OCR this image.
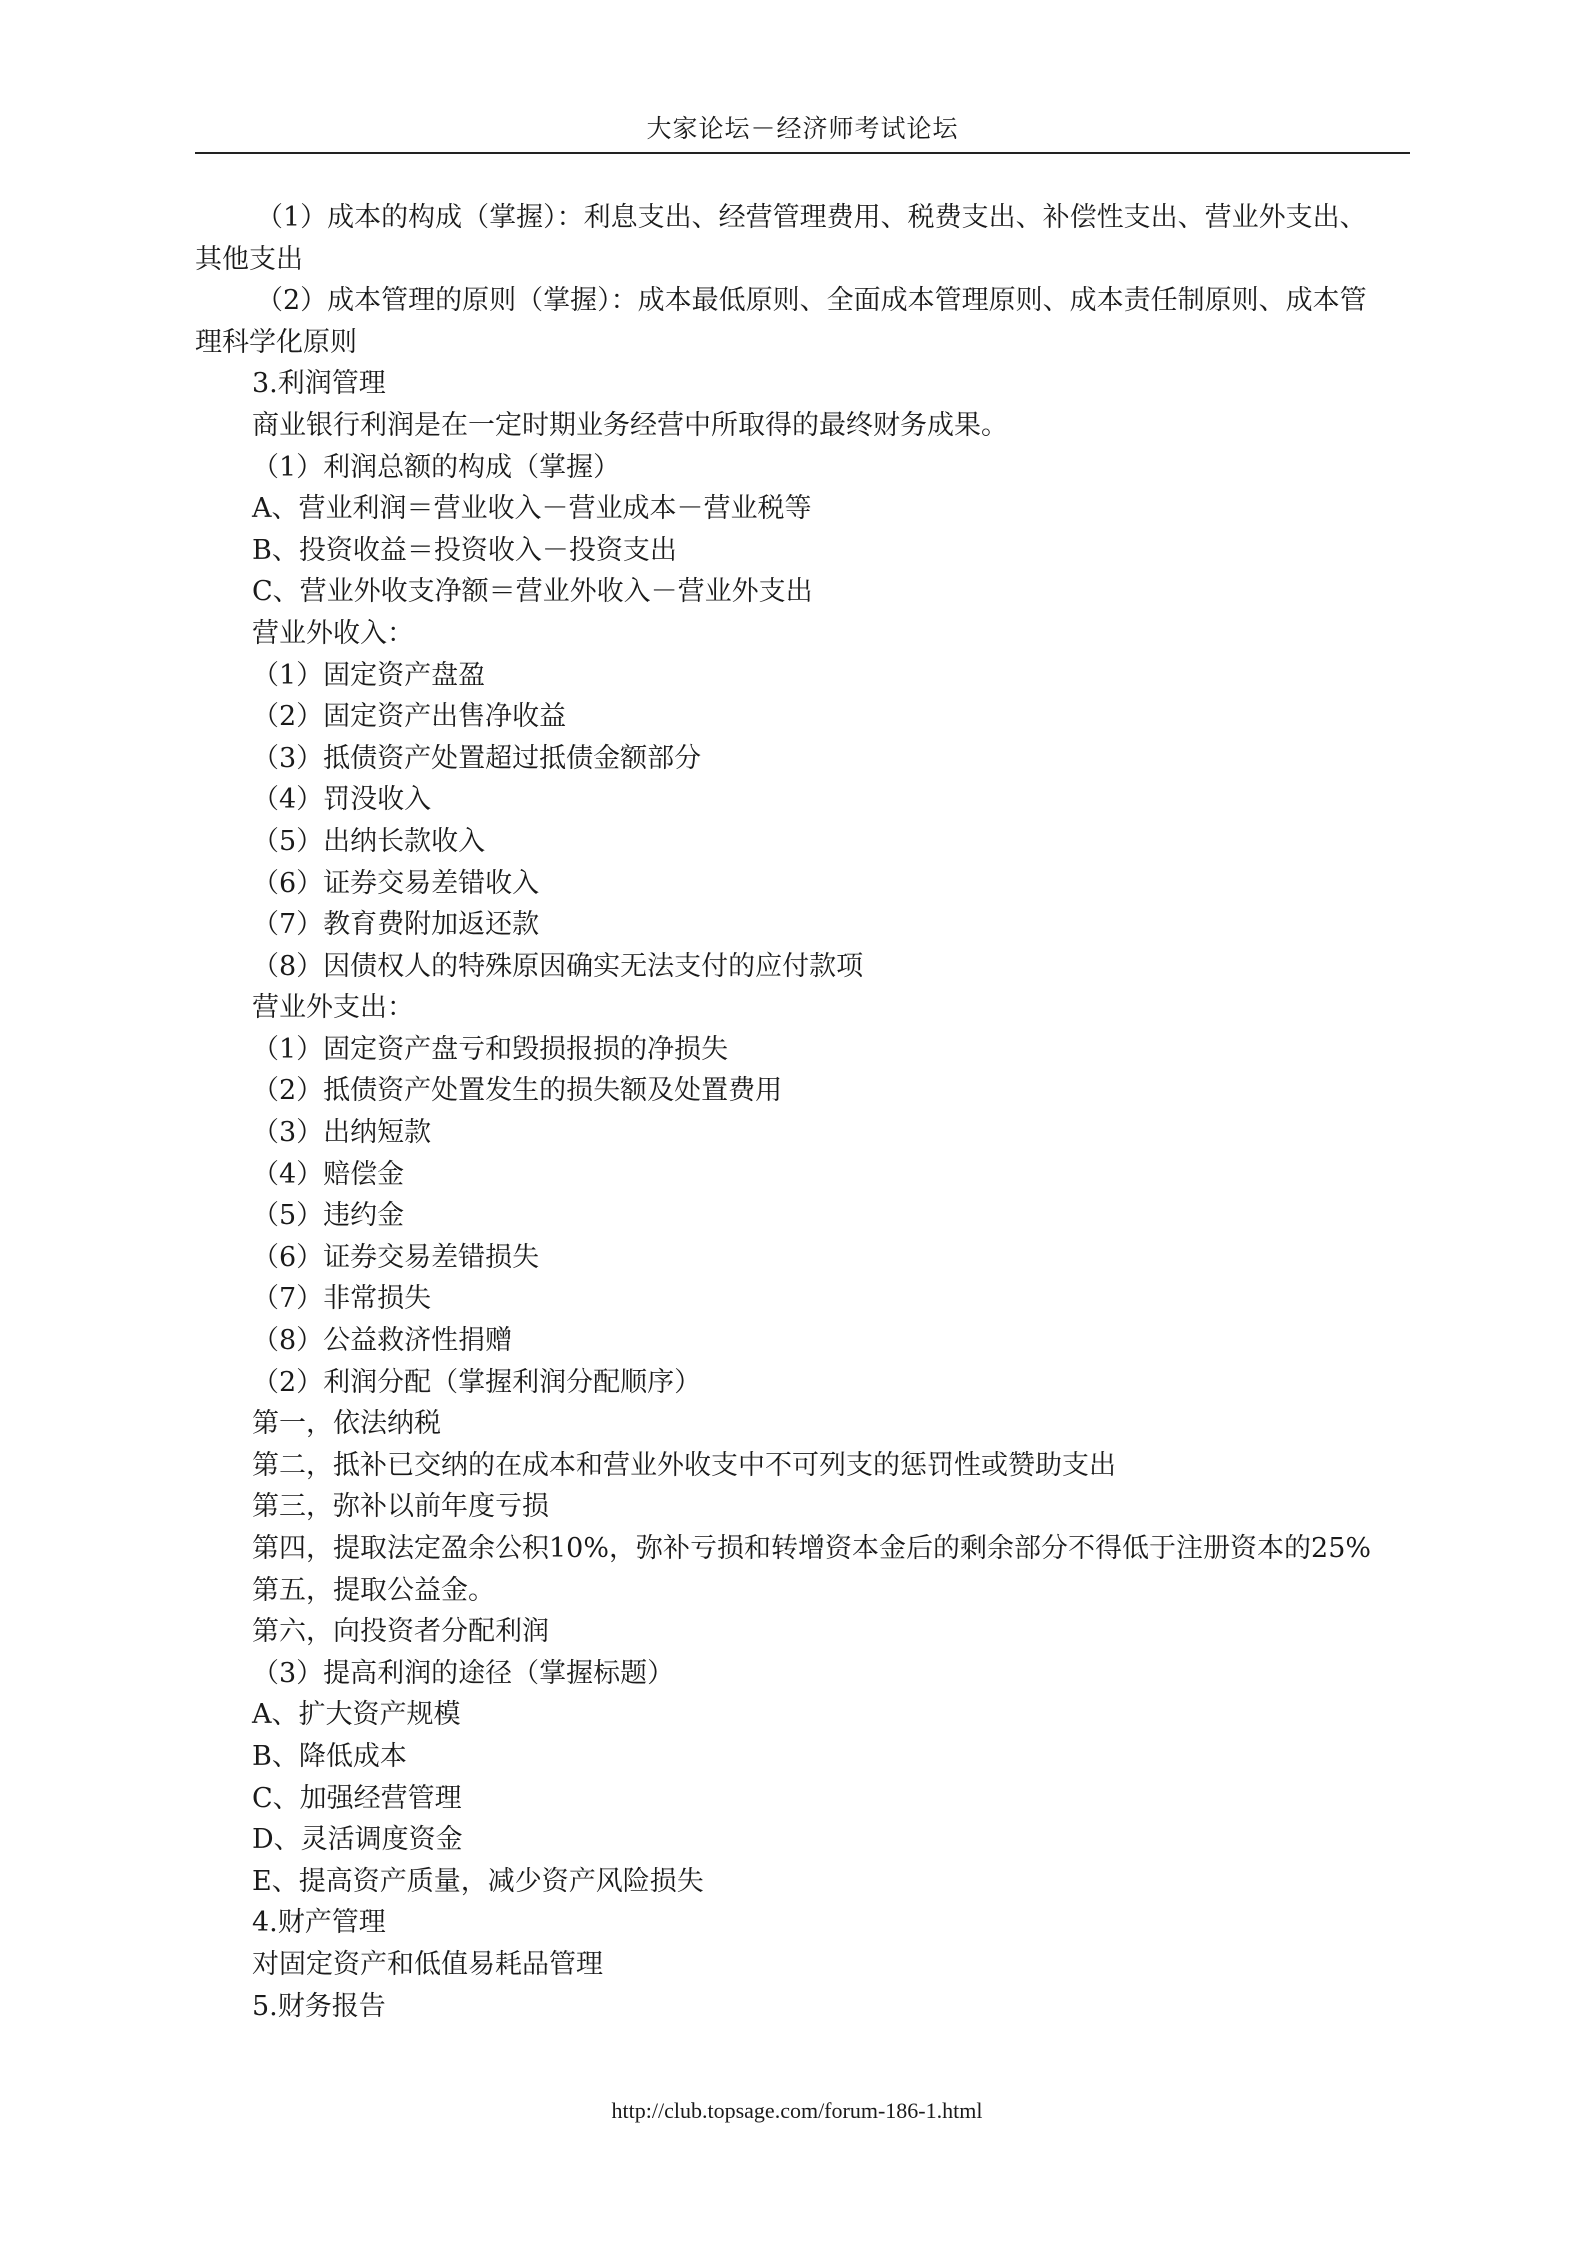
大家论坛－经济师考试论坛
（1）成本的构成（掌握）：利息支出、经营管理费用、税费支出、补偿性支出、营业外支出、
其他支出
（2）成本管理的原则（掌握）：成本最低原则、全面成本管理原则、成本责任制原则、成本管
理科学化原则
3.利润管理
商业银行利润是在一定时期业务经营中所取得的最终财务成果。
（1）利润总额的构成（掌握）
A、营业利润＝营业收入－营业成本－营业税等
B、投资收益＝投资收入－投资支出
C、营业外收支净额＝营业外收入－营业外支出
营业外收入：
（1）固定资产盘盈
（2）固定资产出售净收益
（3）抵债资产处置超过抵债金额部分
（4）罚没收入
（5）出纳长款收入
（6）证券交易差错收入
（7）教育费附加返还款
（8）因债权人的特殊原因确实无法支付的应付款项
营业外支出：
（1）固定资产盘亏和毁损报损的净损失
（2）抵债资产处置发生的损失额及处置费用
（3）出纳短款
（4）赔偿金
（5）违约金
（6）证券交易差错损失
（7）非常损失
（8）公益救济性捐赠
（2）利润分配（掌握利润分配顺序）
第一，依法纳税
第二，抵补已交纳的在成本和营业外收支中不可列支的惩罚性或赞助支出
第三，弥补以前年度亏损
第四，提取法定盈余公积10%，弥补亏损和转增资本金后的剩余部分不得低于注册资本的25%
第五，提取公益金。
第六，向投资者分配利润
（3）提高利润的途径（掌握标题）
A、扩大资产规模
B、降低成本
C、加强经营管理
D、灵活调度资金
E、提高资产质量，减少资产风险损失
4.财产管理
对固定资产和低值易耗品管理
5.财务报告
http://club.topsage.com/forum-186-1.html
